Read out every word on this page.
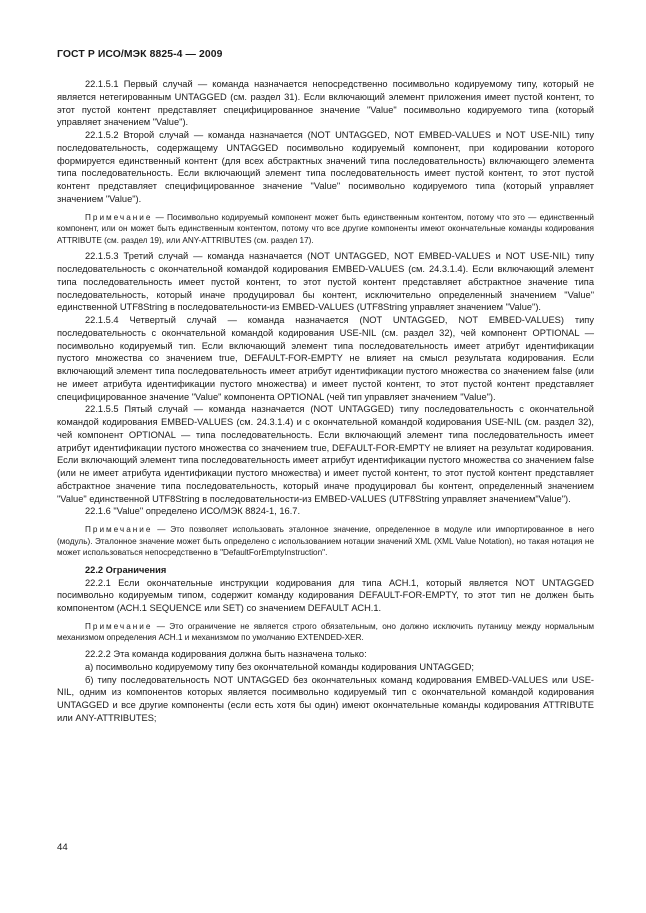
ГОСТ Р ИСО/МЭК 8825-4 — 2009

22.1.5.1 Первый случай — команда назначается непосредственно посимвольно кодируемому типу, который не является нетегированным UNTAGGED (см. раздел 31). Если включающий элемент приложения имеет пустой контент, то этот пустой контент представляет специфицированное значение "Value" посимвольно кодируемого типа (который управляет значением "Value").

22.1.5.2 Второй случай — команда назначается (NOT UNTAGGED, NOT EMBED-VALUES и NOT USE-NIL) типу последовательность, содержащему UNTAGGED посимвольно кодируемый компонент, при кодировании которого формируется единственный контент (для всех абстрактных значений типа последовательность) включающего элемента типа последовательность. Если включающий элемент типа последовательность имеет пустой контент, то этот пустой контент представляет специфицированное значение "Value" посимвольно кодируемого типа (который управляет значением "Value").

Примечание — Посимвольно кодируемый компонент может быть единственным контентом, потому что это — единственный компонент, или он может быть единственным контентом, потому что все другие компоненты имеют окончательные команды кодирования ATTRIBUTE (см. раздел 19), или ANY-ATTRIBUTES (см. раздел 17).

22.1.5.3 Третий случай — команда назначается (NOT UNTAGGED, NOT EMBED-VALUES и NOT USE-NIL) типу последовательность с окончательной командой кодирования EMBED-VALUES (см. 24.3.1.4). Если включающий элемент типа последовательность имеет пустой контент, то этот пустой контент представляет абстрактное значение типа последовательность, который иначе продуцировал бы контент, исключительно определенный значением "Value" единственной UTF8String в последовательности-из EMBED-VALUES (UTF8String управляет значением "Value").

22.1.5.4 Четвертый случай — команда назначается (NOT UNTAGGED, NOT EMBED-VALUES) типу последовательность с окончательной командой кодирования USE-NIL (см. раздел 32), чей компонент OPTIONAL — посимвольно кодируемый тип. Если включающий элемент типа последовательность имеет атрибут идентификации пустого множества со значением true, DEFAULT-FOR-EMPTY не влияет на смысл результата кодирования. Если включающий элемент типа последовательность имеет атрибут идентификации пустого множества со значением false (или не имеет атрибута идентификации пустого множества) и имеет пустой контент, то этот пустой контент представляет специфицированное значение "Value" компонента OPTIONAL (чей тип управляет значением "Value").

22.1.5.5 Пятый случай — команда назначается (NOT UNTAGGED) типу последовательность с окончательной командой кодирования EMBED-VALUES (см. 24.3.1.4) и с окончательной командой кодирования USE-NIL (см. раздел 32), чей компонент OPTIONAL — типа последовательность. Если включающий элемент типа последовательность имеет атрибут идентификации пустого множества со значением true, DEFAULT-FOR-EMPTY не влияет на результат кодирования. Если включающий элемент типа последовательность имеет атрибут идентификации пустого множества со значением false (или не имеет атрибута идентификации пустого множества) и имеет пустой контент, то этот пустой контент представляет абстрактное значение типа последовательность, который иначе продуцировал бы контент, определенный значением "Value" единственной UTF8String в последовательности-из EMBED-VALUES (UTF8String управляет значением"Value").

22.1.6 "Value" определено ИСО/МЭК 8824-1, 16.7.

Примечание — Это позволяет использовать эталонное значение, определенное в модуле или импортированное в него (модуль). Эталонное значение может быть определено с использованием нотации значений XML (XML Value Notation), но такая нотация не может использоваться непосредственно в "DefaultForEmptyInstruction".

22.2 Ограничения

22.2.1 Если окончательные инструкции кодирования для типа АСН.1, который является NOT UNTAGGED посимвольно кодируемым типом, содержит команду кодирования DEFAULT-FOR-EMPTY, то этот тип не должен быть компонентом (АСН.1 SEQUENCE или SET) со значением DEFAULT АСН.1.

Примечание — Это ограничение не является строго обязательным, оно должно исключить путаницу между нормальным механизмом определения АСН.1 и механизмом по умолчанию EXTENDED-XER.

22.2.2 Эта команда кодирования должна быть назначена только:

а) посимвольно кодируемому типу без окончательной команды кодирования UNTAGGED;

б) типу последовательность NOT UNTAGGED без окончательных команд кодирования EMBED-VALUES или USE-NIL, одним из компонентов которых является посимвольно кодируемый тип с окончательной командой кодирования UNTAGGED и все другие компоненты (если есть хотя бы один) имеют окончательные команды кодирования ATTRIBUTE или ANY-ATTRIBUTES;

44
